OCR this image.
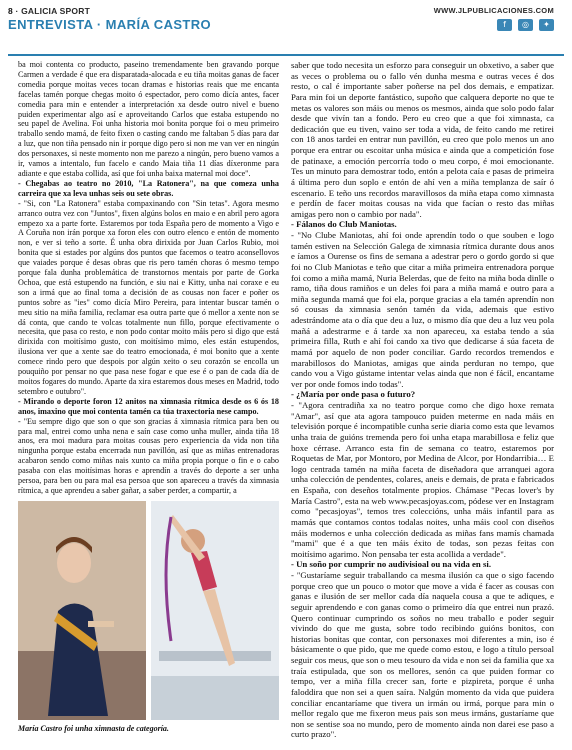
8 · GALICIA SPORT
ENTREVISTA · MARÍA CASTRO
WWW.JLPUBLICACIONES.COM
f	◎	✦

ba moi contenta co producto, paseino tremendamente ben gravando porque Carmen a verdade é que era disparatada-alocada e eu tiña moitas ganas de facer comedia porque moitas veces tocan dramas e historias reais que me encanta facelas tamén porque chegas moito ó espectador, pero como dicía antes, facer comedia para min e entender a interpretación xa desde outro nivel e bueno puiden experimentar algo así e aproveitando Carlos que estaba estupendo no seu papel de Avelina. Foi unha historia moi bonita porque foi o meu primeiro traballo sendo mamá, de feito fixen o casting cando me faltaban 5 días para dar a luz, que non tiña pensado nin ir porque digo pero si non me van ver en ningún dos personaxes, si neste momento non me parezo a ningún, pero bueno vamos a ir, vamos a intentalo, fun facelo e cando Maia tiña 11 días díxeronme para adiante e que estaba collida, así que foi unha baixa maternal moi doce".

- Chegabas ao teatro no 2010, "La Ratonera", na que comeza unha carreira que xa leva unhas seis ou sete obras.

- "Si, con "La Ratonera" estaba compaxinando con "Sin tetas". Agora mesmo arranco outra vez con "Juntos", fixen algúns bolos en maio e en abril pero agora empezo xa a parte forte. Estaremos por toda España pero de momento a Vigo e A Coruña non irán porque xa foron eles con outro elenco e entón de momento non, e ver si teño a sorte. É unha obra dirixida por Juan Carlos Rubio, moi bonita que si estades por algúns dos puntos que facemos o teatro aconsellovos que vaiades porque é desas obras que ris pero tamén choras ó mesmo tempo porque fala dunha problemática de transtornos mentais por parte de Gorka Ochoa, que está estupendo na función, e siu nai e Kitty, unha nai coraxe e eu son a irmá que ao final toma a decisión de as cousas non facer e poñer os puntos sobre as "ies" como dicía Miro Pereira, para intentar buscar tamén o meu sitio na miña familia, reclamar esa outra parte que ó mellor a xente non se dá conta, que cando te volcas totalmente nun fillo, porque efectivamente o necesita, que pasa co resto, e non podo contar moito máis pero si digo que está dirixida con moitísimo gusto, con moitísimo mimo, eles están estupendos, ilusiona ver que a xente sae do teatro emocionada, é moi bonito que a xente comece rindo pero que despois por algún xeito o seu corazón se encolla un pouquiño por pensar no que pasa nese fogar e que ese é o pan de cada día de moitos fogares do mundo. Aparte da xira estaremos dous meses en Madrid, todo setembro e outubro".

- Mirando o deporte foron 12 anitos na ximnasia rítmica desde os 6 ós 18 anos, imaxino que moi contenta tamén ca túa traxectoria nese campo.

- "Eu sempre digo que son o que son gracias á ximnasia rítmica para ben ou para mal, entrei como unha nena e saín case como unha muller, ainda tiña 18 anos, era moi madura para moitas cousas pero experiencia da vida non tiña ningunha porque estaba encerrada nun pavillón, así que as miñas entrenadoras acabaron sendo como miñas nais xunto ca miña propia porque o fin e o cabo pasaba con elas moitísimas horas e aprendín a través do deporte a ser unha persoa, para ben ou para mal esa persoa que son apareceu a través da ximnasia rítmica, a que aprendeu a saber gañar, a saber perder, a compartir, a

saber que todo necesita un esforzo para conseguir un obxetivo, a saber que as veces o problema ou o fallo vén dunha mesma e outras veces é dos resto, o cal é importante saber poñerse na pel dos demais, e empatizar. Para min foi un deporte fantástico, supoño que calquera deporte no que te metas os valores son máis ou menos os mesmos, ainda que solo podo falar desde que vivín tan a fondo. Pero eu creo que a que foi ximnasta, ca dedicación que eu tiven, vaino ser toda a vida, de feito cando me retirei con 18 anos tardei en entrar nun pavillón, eu creo que polo menos un ano porque era entrar ou escoitar unha música e ainda que a competición fose de patinaxe, a emoción percorría todo o meu corpo, é moi emocionante. Tes un minuto para demostrar todo, entón a pelota caía e pasas de primeira á última pero dun soplo e entón de ahí ven a miña templanza de saír ó escenario. E teño uns recordos maravillosos da miña etapa como ximnasta e perdín de facer moitas cousas na vida que facían o resto das miñas amigas pero non o cambio por nada".

- Fálanos do Club Maniotas.

- "No Clube Maniotas, ahí foi onde aprendín todo o que souben e logo tamén estiven na Selección Galega de ximnasia rítmica durante dous anos e íamos a Ourense os fins de semana a adestrar pero o gordo gordo si que foi no Club Maniotas e teño que citar a miña primeira entrenadora porque foi como a miña mamá, Nuria Belerdas, que de feito na miña boda dinlle o ramo, tiña dous ramiños e un deles foi para a miña mamá e outro para a miña segunda mamá que foi ela, porque gracias a ela tamén aprendín non só cousas da ximnasia senón tamén da vida, ademais que estivo adestrándome ata o día que deu a luz, o mismo día que deu a luz veu pola mañá a adestrarme e á tarde xa non apareceu, xa estaba tendo a súa primeira filla, Ruth e ahí foi cando xa tivo que dedicarse á súa faceta de mamá por aquelo de non poder conciliar. Gardo recordos tremendos e marabillosos do Maniotas, amigas que ainda perduran no tempo, que cando vou a Vigo gústame intentar velas ainda que non é fácil, encantame ver por onde fomos indo todas".

- ¿María por onde pasa o futuro?

- "Agora centradiña xa no teatro porque como che digo hoxe remata "Amar", así que ata agora tampouco puiden meterme en nada máis en televisión porque é incompatible cunha serie diaria como esta que levamos unha traia de guións tremenda pero foi unha etapa marabillosa e feliz que hoxe cérrase. Arranco esta fin de semana co teatro, estaremos por Roquetas de Mar, por Montoro, por Medina de Alcor, por Hondarribia… E logo centrada tamén na miña faceta de diseñadora que arranquei agora unha colección de pendentes, colares, aneis e demais, de prata e fabricados en España, con deseños totalmente propios. Chámase "Pecas lover's by María Castro", esta na web www.pecasjoyas.com, pódese ver en Instagram como "pecasjoyas", temos tres coleccións, unha máis infantil para as mamás que contamos contos todalas noites, unha máis cool con diseños máis modernos e unha colección dedicada as miñas fans mamís chamada "mami" que é a que ten máis éxito de todas, son pezas feitas con moitísimo agarimo. Non pensaba ter esta acollida a verdade".

- Un soño por cumprir no audivisioal ou na vida en si.

- "Gustaríame seguir traballando ca mesma ilusión ca que o sigo facendo porque creo que un pouco o motor que move a vida é facer as cousas con ganas e ilusión de ser mellor cada día naquela cousa a que te adiques, e seguir aprendendo e con ganas como o primeiro día que entrei nun prazó. Quero continuar cumprindo os soños no meu traballo e poder seguir vivindo do que me gusta, sobre todo recibindo guións bonitos, con historias bonitas que contar, con personaxes moi diferentes a min, iso é básicamente o que pido, que me quede como estou, e logo a título persoal seguir cos meus, que son o meu tesouro da vida e non sei da familia que xa traía estipulada, que son os mellores, senón ca que puiden formar co tempo, ver a miña filla crecer san, forte e pizpireta, porque é unha faloddira que non sei a quen saíra. Nalgún momento da vida que puidera conciliar encantaríame que tivera un irmán ou irmá, porque para min o mellor regalo que me fixeron meus pais son meus irmáns, gustaríame que non se sentise soa no mundo, pero de momento ainda non darei ese paso a curto prazo".

María Castro foi unha ximnasta de categoría.
